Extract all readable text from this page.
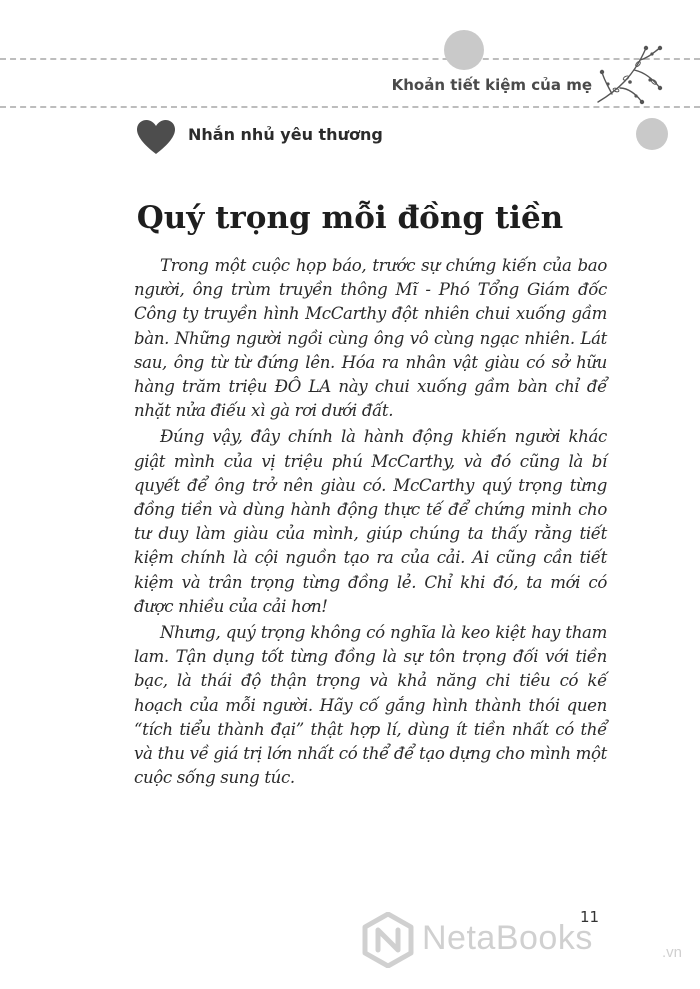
Khoản tiết kiệm của mẹ
Nhắn nhủ yêu thương
Quý trọng mỗi đồng tiền

Trong một cuộc họp báo, trước sự chứng kiến của bao người, ông trùm truyền thông Mĩ - Phó Tổng Giám đốc Công ty truyền hình McCarthy đột nhiên chui xuống gầm bàn. Những người ngồi cùng ông vô cùng ngạc nhiên. Lát sau, ông từ từ đứng lên. Hóa ra nhân vật giàu có sở hữu hàng trăm triệu ĐÔ LA này chui xuống gầm bàn chỉ để nhặt nửa điếu xì gà rơi dưới đất.

Đúng vậy, đây chính là hành động khiến người khác giật mình của vị triệu phú McCarthy, và đó cũng là bí quyết để ông trở nên giàu có. McCarthy quý trọng từng đồng tiền và dùng hành động thực tế để chứng minh cho tư duy làm giàu của mình, giúp chúng ta thấy rằng tiết kiệm chính là cội nguồn tạo ra của cải. Ai cũng cần tiết kiệm và trân trọng từng đồng lẻ. Chỉ khi đó, ta mới có được nhiều của cải hơn!

Nhưng, quý trọng không có nghĩa là keo kiệt hay tham lam. Tận dụng tốt từng đồng là sự tôn trọng đối với tiền bạc, là thái độ thận trọng và khả năng chi tiêu có kế hoạch của mỗi người. Hãy cố gắng hình thành thói quen “tích tiểu thành đại” thật hợp lí, dùng ít tiền nhất có thể và thu về giá trị lớn nhất có thể để tạo dựng cho mình một cuộc sống sung túc.

11
NetaBooks	.vn
